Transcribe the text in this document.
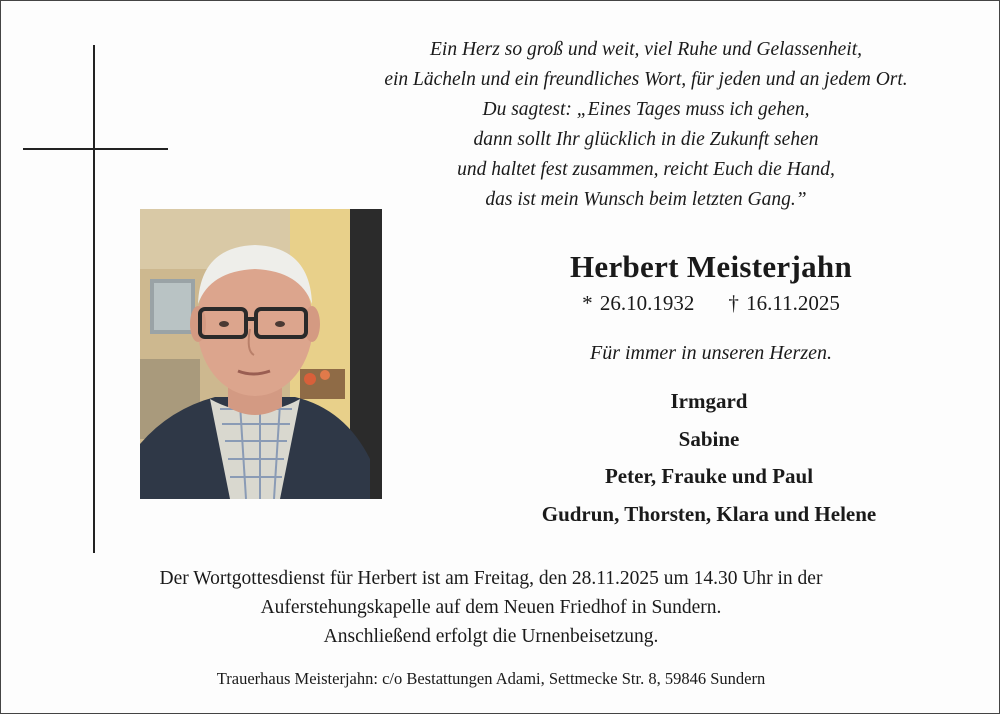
Ein Herz so groß und weit, viel Ruhe und Gelassenheit,
ein Lächeln und ein freundliches Wort, für jeden und an jedem Ort.
Du sagtest: „Eines Tages muss ich gehen,
dann sollt Ihr glücklich in die Zukunft sehen
und haltet fest zusammen, reicht Euch die Hand,
das ist mein Wunsch beim letzten Gang.”
Herbert Meisterjahn
* 26.10.1932 † 16.11.2025
Für immer in unseren Herzen.
Irmgard
Sabine
Peter, Frauke und Paul
Gudrun, Thorsten, Klara und Helene
Der Wortgottesdienst für Herbert ist am Freitag, den 28.11.2025 um 14.30 Uhr in der
Auferstehungskapelle auf dem Neuen Friedhof in Sundern.
Anschließend erfolgt die Urnenbeisetzung.
Trauerhaus Meisterjahn: c/o Bestattungen Adami, Settmecke Str. 8, 59846 Sundern
